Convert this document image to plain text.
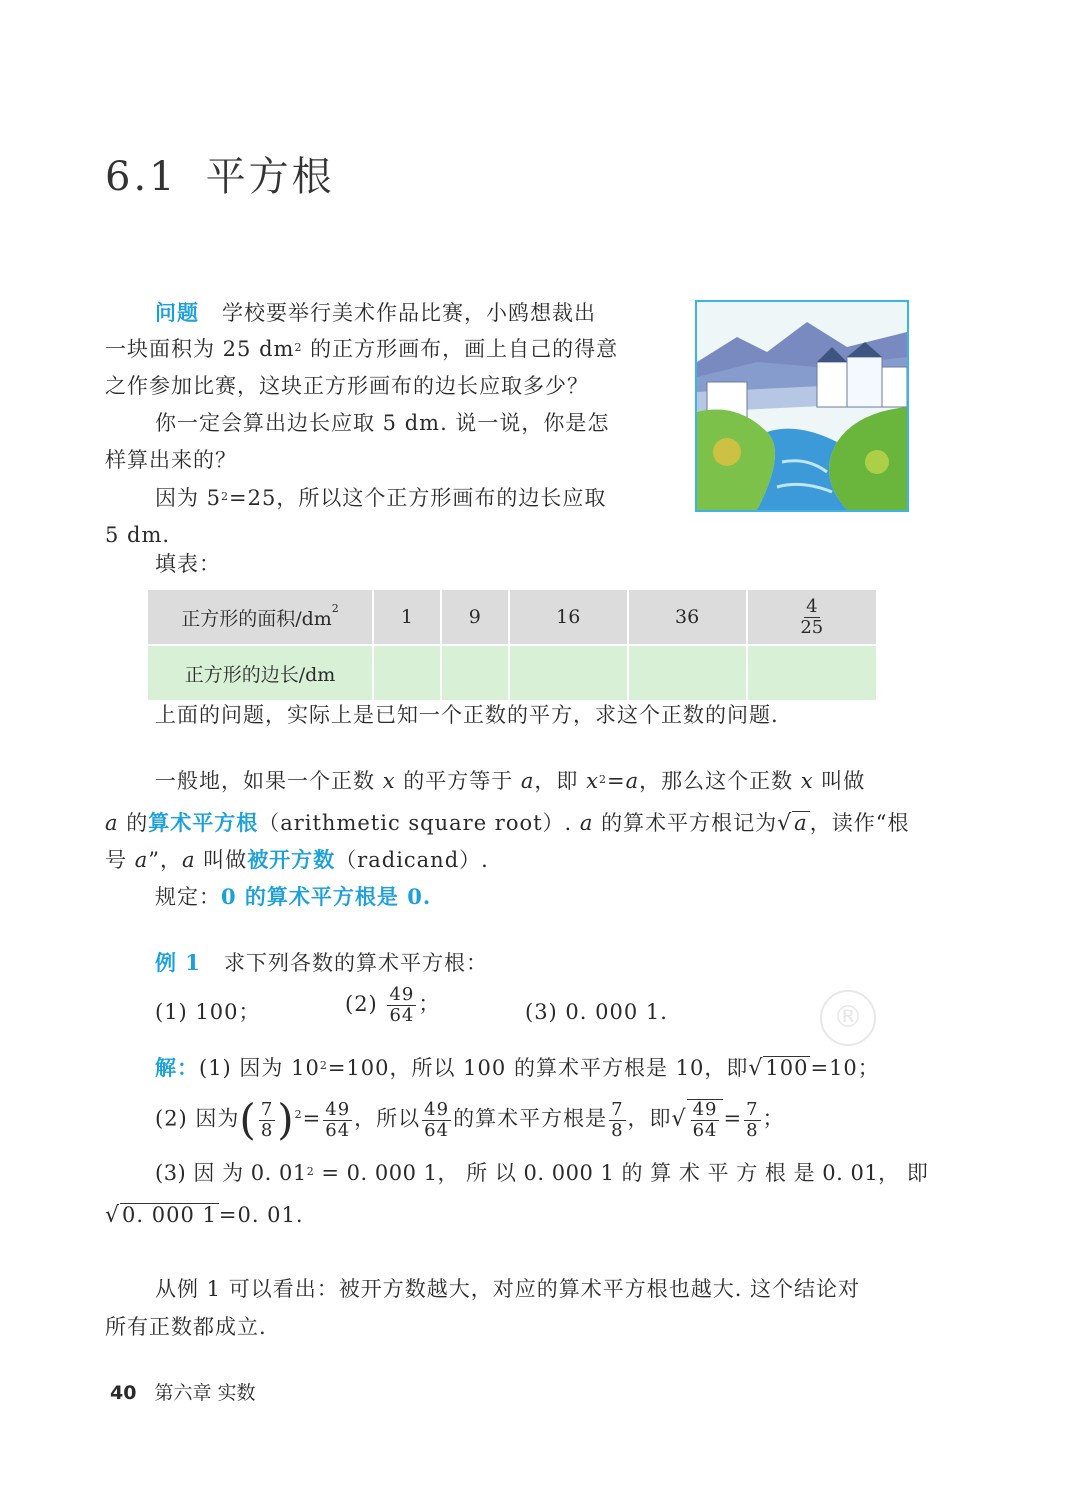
6.1 平方根
问题 学校要举行美术作品比赛，小鸥想裁出
一块面积为 25 $dm^2$ 的正方形画布，画上自己的得意
之作参加比赛，这块正方形画布的边长应取多少？
你一定会算出边长应取 5 dm. 说一说，你是怎
样算出来的？
因为 $5^2=25$，所以这个正方形画布的边长应取
5 dm.
填表：
正方形的面积$/dm^2$	1	9	16	36	$\frac{4}{25}$

正方形的边长/dm					
上面的问题，实际上是已知一个正数的平方，求这个正数的问题.
一般地，如果一个正数 x 的平方等于 a，即 $x^2=a$，那么这个正数 x 叫做
a 的算术平方根（arithmetic square root）. a 的算术平方根记为√a，读作“根
号 a”，a 叫做被开方数（radicand）.
规定：0 的算术平方根是 0.
例 1 求下列各数的算术平方根：
(1) 100；	$(2) \frac{49}{64}$ ；	(3) 0. 000 1.
解：(1) 因为 $10^2=100$，所以 100 的算术平方根是 10，即√100=10；
(2) 因为( $\frac{7}{8} )^2= \frac{49}{64}$ ，所以 $\frac{49}{64}$ 的算术平方根是 $\frac{7}{8}$ ，即√ $\frac{49}{64} = \frac{7}{8}$ ；
(3) 因 为 0. $01^2 = 0$. 000 1， 所 以 0. 000 1 的 算 术 平 方 根 是 0. 01， 即
√0. 000 1=0. 01.
从例 1 可以看出：被开方数越大，对应的算术平方根也越大. 这个结论对
所有正数都成立.
®
40 第六章 实数
